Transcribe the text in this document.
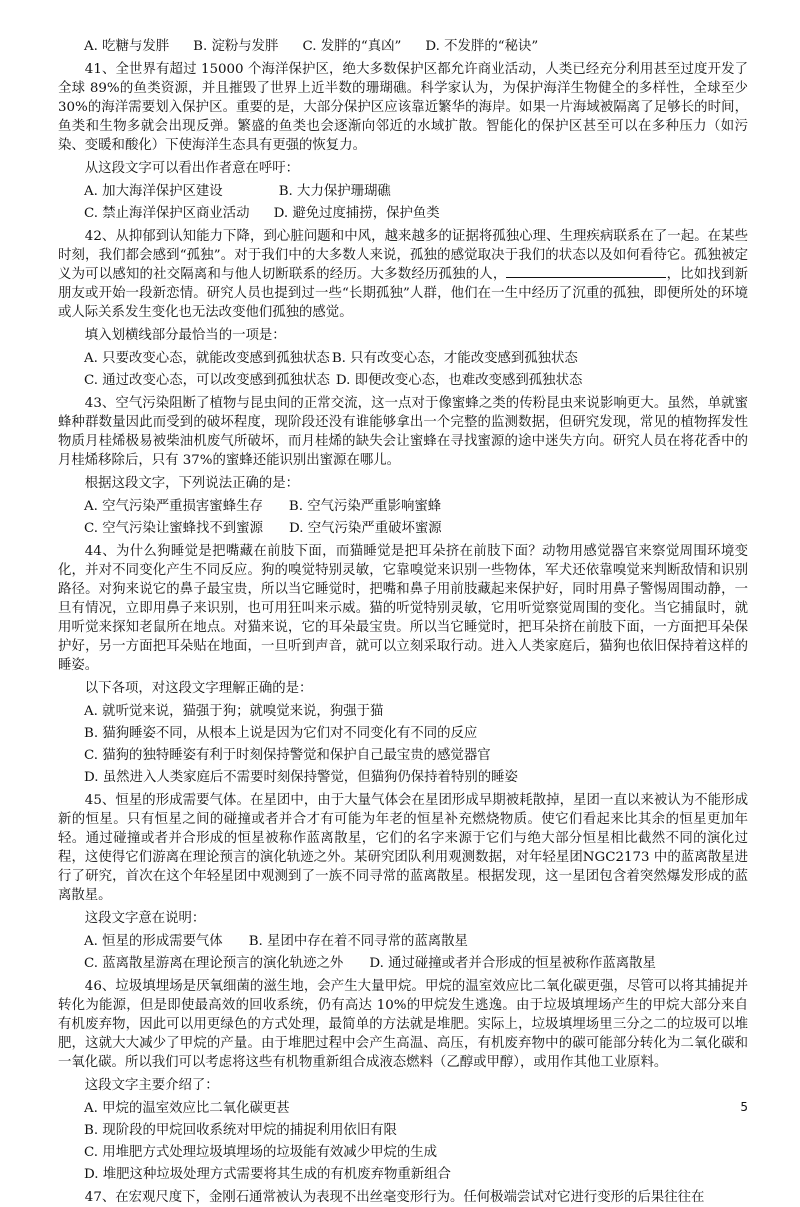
A. 吃糖与发胖 B. 淀粉与发胖 C. 发胖的“真凶” D. 不发胖的“秘诀”

41、全世界有超过 15000 个海洋保护区，绝大多数保护区都允许商业活动，人类已经充分利用甚至过度开发了全球 89%的鱼类资源，并且摧毁了世界上近半数的珊瑚礁。科学家认为，为保护海洋生物健全的多样性，全球至少 30%的海洋需要划入保护区。重要的是，大部分保护区应该靠近繁华的海岸。如果一片海域被隔离了足够长的时间，鱼类和生物多就会出现反弹。繁盛的鱼类也会逐渐向邻近的水域扩散。智能化的保护区甚至可以在多种压力（如污染、变暖和酸化）下使海洋生态具有更强的恢复力。

从这段文字可以看出作者意在呼吁：

A. 加大海洋保护区建设	B. 大力保护珊瑚礁
C. 禁止海洋保护区商业活动 D. 避免过度捕捞，保护鱼类

42、从抑郁到认知能力下降，到心脏问题和中风，越来越多的证据将孤独心理、生理疾病联系在了一起。在某些时刻，我们都会感到“孤独”。对于我们中的大多数人来说，孤独的感觉取决于我们的状态以及如何看待它。孤独被定义为可以感知的社交隔离和与他人切断联系的经历。大多数经历孤独的人，	，比如找到新朋友或开始一段新恋情。研究人员也提到过一些“长期孤独”人群，他们在一生中经历了沉重的孤独，即便所处的环境或人际关系发生变化也无法改变他们孤独的感觉。

填入划横线部分最恰当的一项是：

A. 只要改变心态，就能改变感到孤独状态 B. 只有改变心态，才能改变感到孤独状态
C. 通过改变心态，可以改变感到孤独状态 D. 即便改变心态，也难改变感到孤独状态

43、空气污染阻断了植物与昆虫间的正常交流，这一点对于像蜜蜂之类的传粉昆虫来说影响更大。虽然，单就蜜蜂种群数量因此而受到的破坏程度，现阶段还没有谁能够拿出一个完整的监测数据，但研究发现，常见的植物挥发性物质月桂烯极易被柴油机废气所破坏，而月桂烯的缺失会让蜜蜂在寻找蜜源的途中迷失方向。研究人员在将花香中的月桂烯移除后，只有 37%的蜜蜂还能识别出蜜源在哪儿。

根据这段文字，下列说法正确的是：

A. 空气污染严重损害蜜蜂生存 B. 空气污染严重影响蜜蜂
C. 空气污染让蜜蜂找不到蜜源 D. 空气污染严重破坏蜜源

44、为什么狗睡觉是把嘴藏在前肢下面，而猫睡觉是把耳朵挤在前肢下面？动物用感觉器官来察觉周围环境变化，并对不同变化产生不同反应。狗的嗅觉特别灵敏，它靠嗅觉来识别一些物体，军犬还依靠嗅觉来判断敌情和识别路径。对狗来说它的鼻子最宝贵，所以当它睡觉时，把嘴和鼻子用前肢藏起来保护好，同时用鼻子警惕周围动静，一旦有情况，立即用鼻子来识别，也可用狂叫来示威。猫的听觉特别灵敏，它用听觉察觉周围的变化。当它捕鼠时，就用听觉来探知老鼠所在地点。对猫来说，它的耳朵最宝贵。所以当它睡觉时，把耳朵挤在前肢下面，一方面把耳朵保护好，另一方面把耳朵贴在地面，一旦听到声音，就可以立刻采取行动。进入人类家庭后，猫狗也依旧保持着这样的睡姿。

以下各项，对这段文字理解正确的是：

A. 就听觉来说，猫强于狗；就嗅觉来说，狗强于猫
B. 猫狗睡姿不同，从根本上说是因为它们对不同变化有不同的反应
C. 猫狗的独特睡姿有利于时刻保持警觉和保护自己最宝贵的感觉器官
D. 虽然进入人类家庭后不需要时刻保持警觉，但猫狗仍保持着特别的睡姿

45、恒星的形成需要气体。在星团中，由于大量气体会在星团形成早期被耗散掉，星团一直以来被认为不能形成新的恒星。只有恒星之间的碰撞或者并合才有可能为年老的恒星补充燃烧物质。使它们看起来比其余的恒星更加年轻。通过碰撞或者并合形成的恒星被称作蓝离散星，它们的名字来源于它们与绝大部分恒星相比截然不同的演化过程，这使得它们游离在理论预言的演化轨迹之外。某研究团队利用观测数据，对年轻星团NGC2173 中的蓝离散星进行了研究，首次在这个年轻星团中观测到了一族不同寻常的蓝离散星。根据发现，这一星团包含着突然爆发形成的蓝离散星。

这段文字意在说明：

A. 恒星的形成需要气体 B. 星团中存在着不同寻常的蓝离散星
C. 蓝离散星游离在理论预言的演化轨迹之外 D. 通过碰撞或者并合形成的恒星被称作蓝离散星

46、垃圾填埋场是厌氧细菌的滋生地，会产生大量甲烷。甲烷的温室效应比二氧化碳更强，尽管可以将其捕捉并转化为能源，但是即使最高效的回收系统，仍有高达 10%的甲烷发生逃逸。由于垃圾填埋场产生的甲烷大部分来自有机废弃物，因此可以用更绿色的方式处理，最简单的方法就是堆肥。实际上，垃圾填埋场里三分之二的垃圾可以堆肥，这就大大减少了甲烷的产量。由于堆肥过程中会产生高温、高压，有机废弃物中的碳可能部分转化为二氧化碳和一氧化碳。所以我们可以考虑将这些有机物重新组合成液态燃料（乙醇或甲醇），或用作其他工业原料。

这段文字主要介绍了：

A. 甲烷的温室效应比二氧化碳更甚
B. 现阶段的甲烷回收系统对甲烷的捕捉利用依旧有限
C. 用堆肥方式处理垃圾填埋场的垃圾能有效减少甲烷的生成
D. 堆肥这种垃圾处理方式需要将其生成的有机废弃物重新组合

47、在宏观尺度下，金刚石通常被认为表现不出丝毫变形行为。任何极端尝试对它进行变形的后果往往在

5
